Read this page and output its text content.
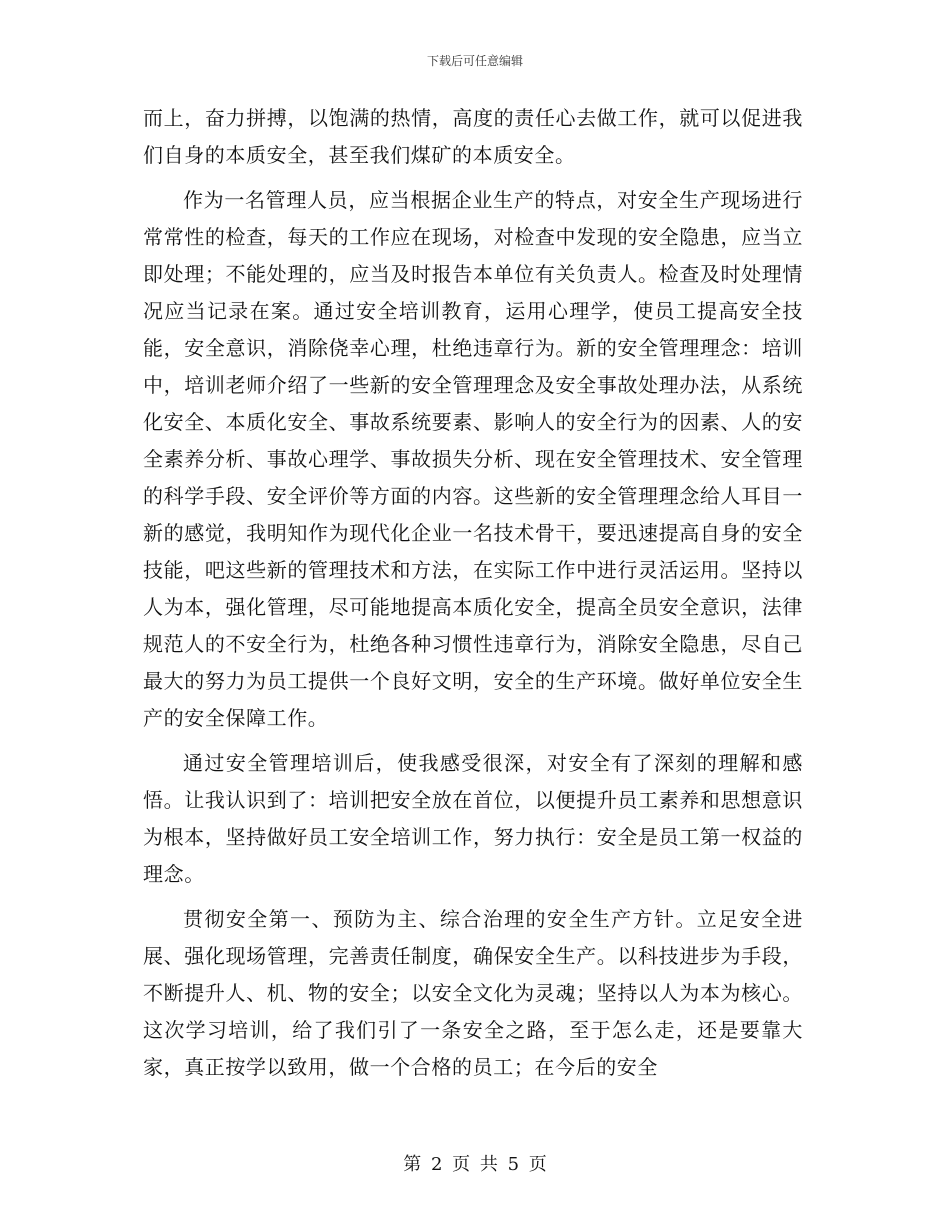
下载后可任意编辑

而上，奋力拼搏，以饱满的热情，高度的责任心去做工作，就可以促进我们自身的本质安全，甚至我们煤矿的本质安全。

作为一名管理人员，应当根据企业生产的特点，对安全生产现场进行常常性的检查，每天的工作应在现场，对检查中发现的安全隐患，应当立即处理；不能处理的，应当及时报告本单位有关负责人。检查及时处理情况应当记录在案。通过安全培训教育，运用心理学，使员工提高安全技能，安全意识，消除侥幸心理，杜绝违章行为。新的安全管理理念：培训中，培训老师介绍了一些新的安全管理理念及安全事故处理办法，从系统化安全、本质化安全、事故系统要素、影响人的安全行为的因素、人的安全素养分析、事故心理学、事故损失分析、现在安全管理技术、安全管理的科学手段、安全评价等方面的内容。这些新的安全管理理念给人耳目一新的感觉，我明知作为现代化企业一名技术骨干，要迅速提高自身的安全技能，吧这些新的管理技术和方法，在实际工作中进行灵活运用。坚持以人为本，强化管理，尽可能地提高本质化安全，提高全员安全意识，法律规范人的不安全行为，杜绝各种习惯性违章行为，消除安全隐患，尽自己最大的努力为员工提供一个良好文明，安全的生产环境。做好单位安全生产的安全保障工作。

通过安全管理培训后，使我感受很深，对安全有了深刻的理解和感悟。让我认识到了：培训把安全放在首位，以便提升员工素养和思想意识为根本，坚持做好员工安全培训工作，努力执行：安全是员工第一权益的理念。

贯彻安全第一、预防为主、综合治理的安全生产方针。立足安全进展、强化现场管理，完善责任制度，确保安全生产。以科技进步为手段，不断提升人、机、物的安全；以安全文化为灵魂；坚持以人为本为核心。这次学习培训，给了我们引了一条安全之路，至于怎么走，还是要靠大家，真正按学以致用，做一个合格的员工；在今后的安全

第 2 页 共 5 页
